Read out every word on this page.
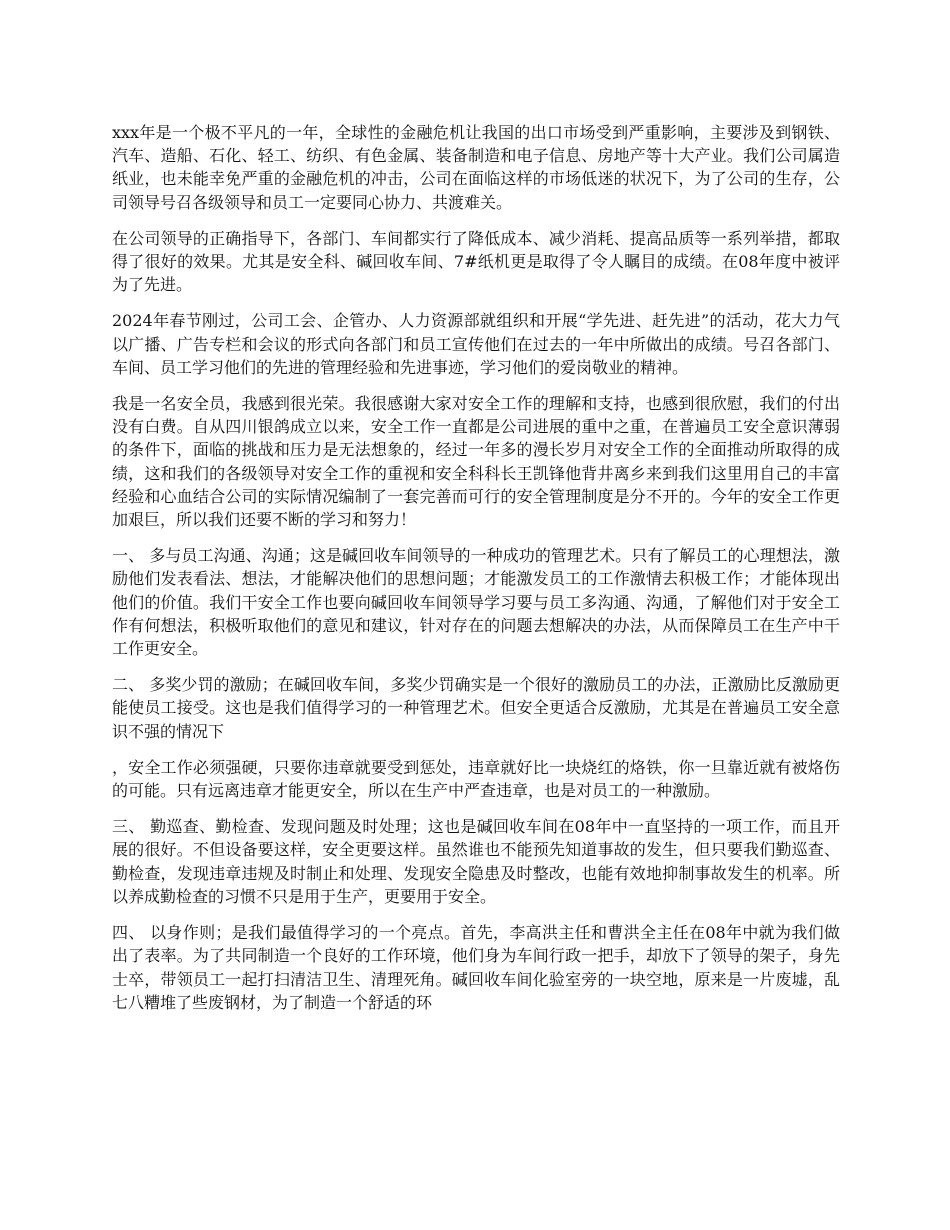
xxx年是一个极不平凡的一年，全球性的金融危机让我国的出口市场受到严重影响，主要涉及到钢铁、汽车、造船、石化、轻工、纺织、有色金属、装备制造和电子信息、房地产等十大产业。我们公司属造纸业，也未能幸免严重的金融危机的冲击，公司在面临这样的市场低迷的状况下，为了公司的生存，公司领导号召各级领导和员工一定要同心协力、共渡难关。

在公司领导的正确指导下，各部门、车间都实行了降低成本、减少消耗、提高品质等一系列举措，都取得了很好的效果。尤其是安全科、碱回收车间、7#纸机更是取得了令人瞩目的成绩。在08年度中被评为了先进。

2024年春节刚过，公司工会、企管办、人力资源部就组织和开展“学先进、赶先进”的活动，花大力气以广播、广告专栏和会议的形式向各部门和员工宣传他们在过去的一年中所做出的成绩。号召各部门、车间、员工学习他们的先进的管理经验和先进事迹，学习他们的爱岗敬业的精神。

我是一名安全员，我感到很光荣。我很感谢大家对安全工作的理解和支持，也感到很欣慰，我们的付出没有白费。自从四川银鸽成立以来，安全工作一直都是公司进展的重中之重，在普遍员工安全意识薄弱的条件下，面临的挑战和压力是无法想象的，经过一年多的漫长岁月对安全工作的全面推动所取得的成绩，这和我们的各级领导对安全工作的重视和安全科科长王凯锋他背井离乡来到我们这里用自己的丰富经验和心血结合公司的实际情况编制了一套完善而可行的安全管理制度是分不开的。今年的安全工作更加艰巨，所以我们还要不断的学习和努力！

一、 多与员工沟通、沟通；这是碱回收车间领导的一种成功的管理艺术。只有了解员工的心理想法，激励他们发表看法、想法，才能解决他们的思想问题；才能激发员工的工作激情去积极工作；才能体现出他们的价值。我们干安全工作也要向碱回收车间领导学习要与员工多沟通、沟通，了解他们对于安全工作有何想法，积极听取他们的意见和建议，针对存在的问题去想解决的办法，从而保障员工在生产中干工作更安全。

二、 多奖少罚的激励；在碱回收车间，多奖少罚确实是一个很好的激励员工的办法，正激励比反激励更能使员工接受。这也是我们值得学习的一种管理艺术。但安全更适合反激励，尤其是在普遍员工安全意识不强的情况下

，安全工作必须强硬，只要你违章就要受到惩处，违章就好比一块烧红的烙铁，你一旦靠近就有被烙伤的可能。只有远离违章才能更安全，所以在生产中严查违章，也是对员工的一种激励。

三、 勤巡查、勤检查、发现问题及时处理；这也是碱回收车间在08年中一直坚持的一项工作，而且开展的很好。不但设备要这样，安全更要这样。虽然谁也不能预先知道事故的发生，但只要我们勤巡查、勤检查，发现违章违规及时制止和处理、发现安全隐患及时整改，也能有效地抑制事故发生的机率。所以养成勤检查的习惯不只是用于生产，更要用于安全。

四、 以身作则；是我们最值得学习的一个亮点。首先，李高洪主任和曹洪全主任在08年中就为我们做出了表率。为了共同制造一个良好的工作环境，他们身为车间行政一把手，却放下了领导的架子，身先士卒，带领员工一起打扫清洁卫生、清理死角。碱回收车间化验室旁的一块空地，原来是一片废墟，乱七八糟堆了些废钢材，为了制造一个舒适的环
